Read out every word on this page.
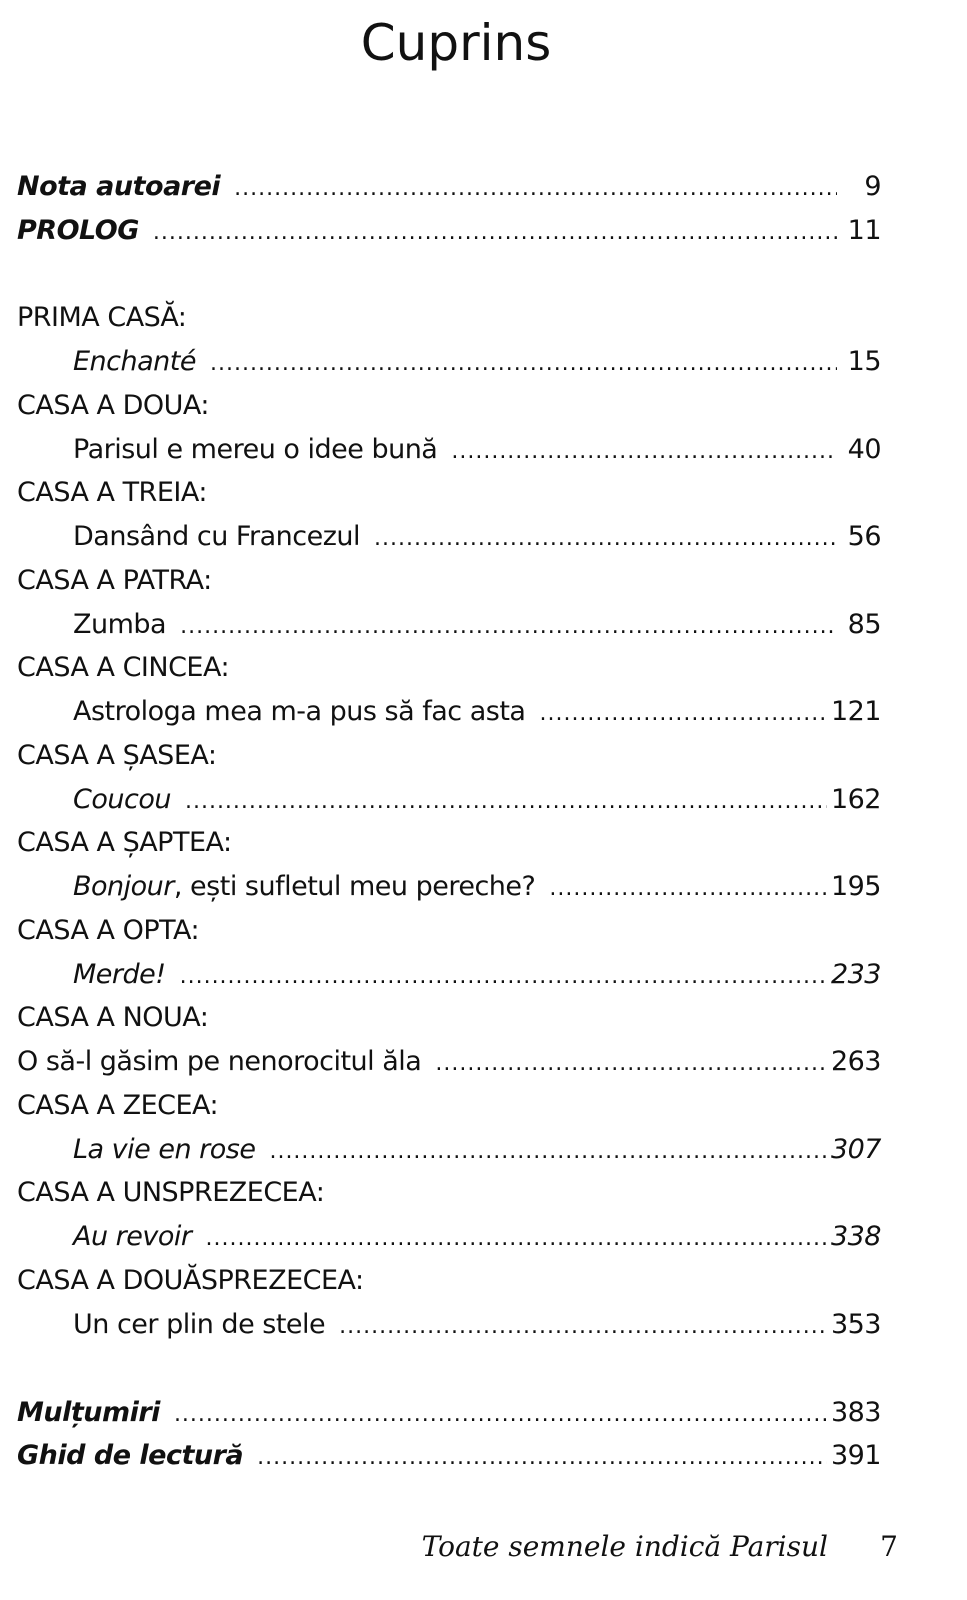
Cuprins
Nota autoarei .....	9
PROLOG .....	11
PRIMA CASĂ:
Enchanté .....	15
CASA A DOUA:
Parisul e mereu o idee bună .....	40
CASA A TREIA:
Dansând cu Francezul .....	56
CASA A PATRA:
Zumba .....	85
CASA A CINCEA:
Astrologa mea m-a pus să fac asta .....	121
CASA A ȘASEA:
Coucou .....	162
CASA A ȘAPTEA:
Bonjour, ești sufletul meu pereche? .....	195
CASA A OPTA:
Merde! .....	233
CASA A NOUA:
O să-l găsim pe nenorocitul ăla .....	263
CASA A ZECEA:
La vie en rose .....	307
CASA A UNSPREZECEA:
Au revoir .....	338
CASA A DOUĂSPREZECEA:
Un cer plin de stele .....	353
Mulțumiri .....	383
Ghid de lectură .....	391
Toate semnele indică Parisul 7
